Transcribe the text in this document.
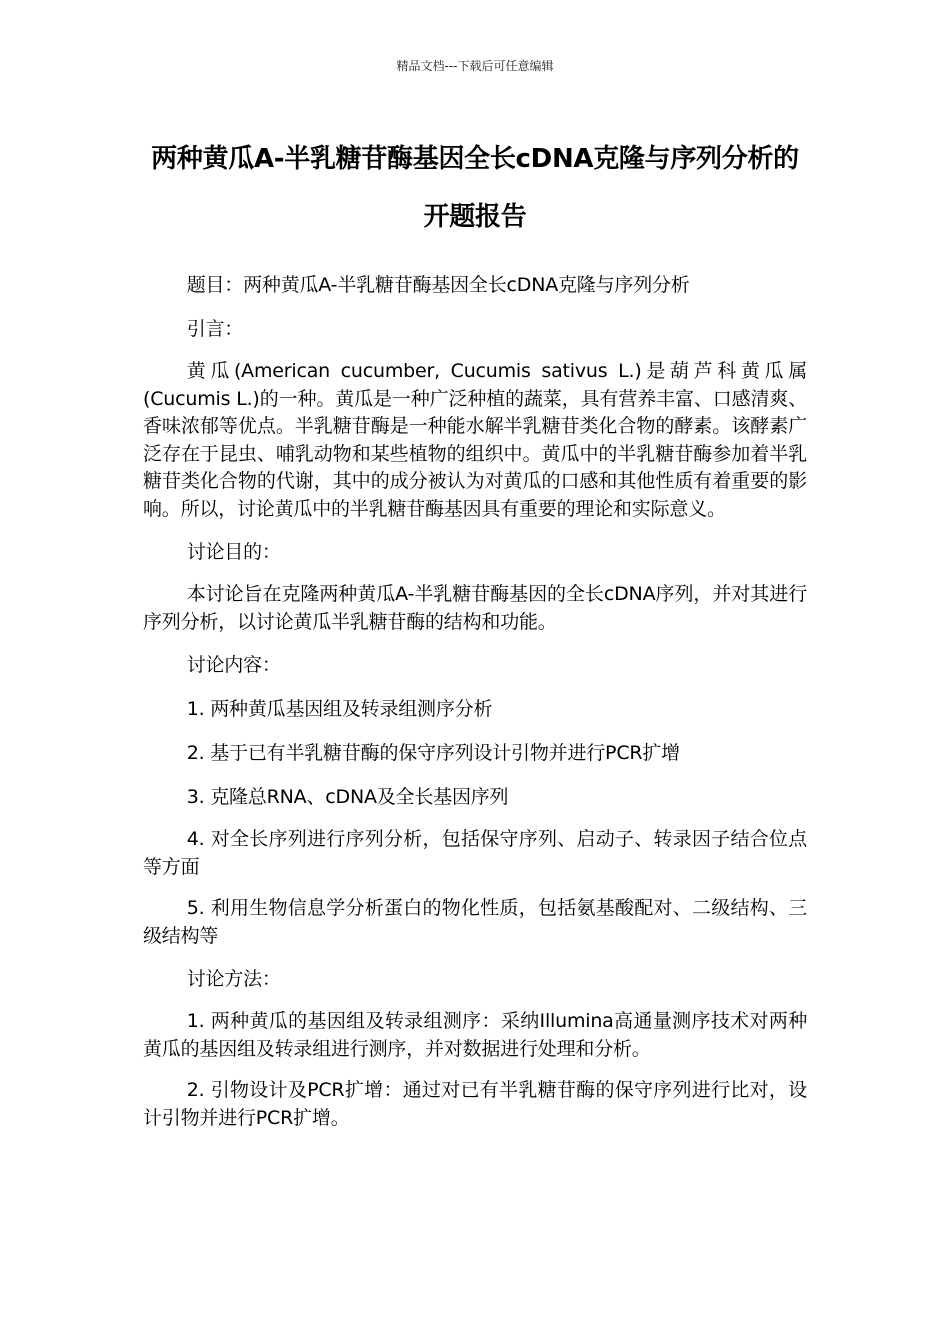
精品文档---下载后可任意编辑
两种黄瓜A-半乳糖苷酶基因全长cDNA克隆与序列分析的开题报告

题目：两种黄瓜A-半乳糖苷酶基因全长cDNA克隆与序列分析

引言：

黄瓜(American cucumber, Cucumis sativus L.)是葫芦科黄瓜属(Cucumis L.)的一种。黄瓜是一种广泛种植的蔬菜，具有营养丰富、口感清爽、香味浓郁等优点。半乳糖苷酶是一种能水解半乳糖苷类化合物的酵素。该酵素广泛存在于昆虫、哺乳动物和某些植物的组织中。黄瓜中的半乳糖苷酶参加着半乳糖苷类化合物的代谢，其中的成分被认为对黄瓜的口感和其他性质有着重要的影响。所以，讨论黄瓜中的半乳糖苷酶基因具有重要的理论和实际意义。

讨论目的：

本讨论旨在克隆两种黄瓜A-半乳糖苷酶基因的全长cDNA序列，并对其进行序列分析，以讨论黄瓜半乳糖苷酶的结构和功能。

讨论内容：

1. 两种黄瓜基因组及转录组测序分析

2. 基于已有半乳糖苷酶的保守序列设计引物并进行PCR扩增

3. 克隆总RNA、cDNA及全长基因序列

4. 对全长序列进行序列分析，包括保守序列、启动子、转录因子结合位点等方面

5. 利用生物信息学分析蛋白的物化性质，包括氨基酸配对、二级结构、三级结构等

讨论方法：

1. 两种黄瓜的基因组及转录组测序：采纳Illumina高通量测序技术对两种黄瓜的基因组及转录组进行测序，并对数据进行处理和分析。

2. 引物设计及PCR扩增：通过对已有半乳糖苷酶的保守序列进行比对，设计引物并进行PCR扩增。
